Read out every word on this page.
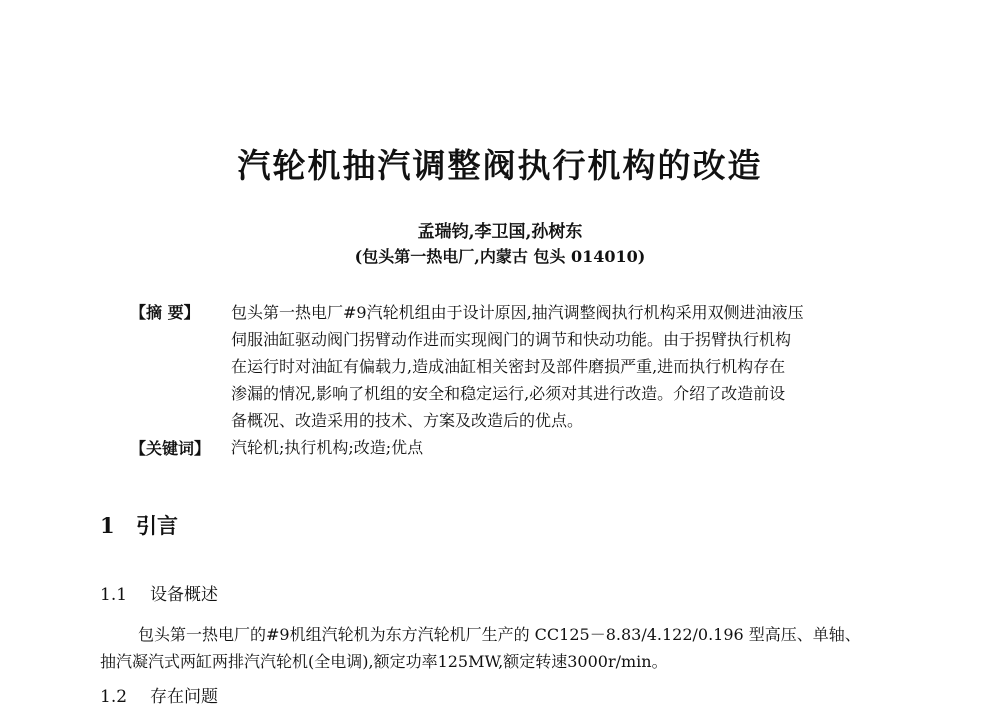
汽轮机抽汽调整阀执行机构的改造
孟瑞钧,李卫国,孙树东
(包头第一热电厂,内蒙古 包头 014010)
【摘 要】	包头第一热电厂#9汽轮机组由于设计原因,抽汽调整阀执行机构采用双侧进油液压
伺服油缸驱动阀门拐臂动作进而实现阀门的调节和快动功能。由于拐臂执行机构
在运行时对油缸有偏载力,造成油缸相关密封及部件磨损严重,进而执行机构存在
渗漏的情况,影响了机组的安全和稳定运行,必须对其进行改造。介绍了改造前设
备概况、改造采用的技术、方案及改造后的优点。
【关键词】	汽轮机;执行机构;改造;优点
1 引言
1.1 设备概述
包头第一热电厂的#9机组汽轮机为东方汽轮机厂生产的 CC125－8.83/4.122/0.196 型高压、单轴、
抽汽凝汽式两缸两排汽汽轮机(全电调),额定功率125MW,额定转速3000r/min。
1.2 存在问题
